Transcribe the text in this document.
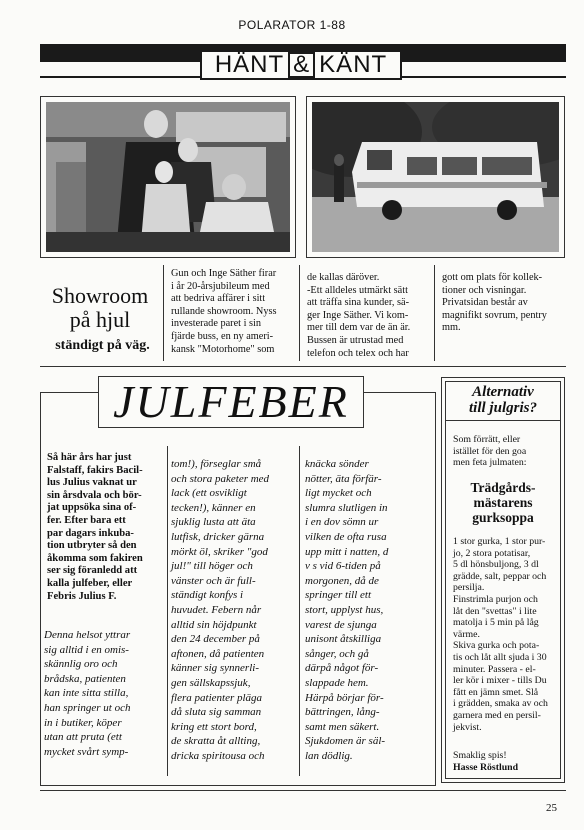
POLARATOR 1-88
HÄNT & KÄNT
Showroom
på hjul
ständigt på väg.
Gun och Inge Säther firar
i år 20-årsjubileum med
att bedriva affärer i sitt
rullande showroom. Nyss
investerade paret i sin
fjärde buss, en ny ameri-
kansk "Motorhome" som
de kallas däröver.
-Ett alldeles utmärkt sätt
att träffa sina kunder, sä-
ger Inge Säther. Vi kom-
mer till dem var de än är.
Bussen är utrustad med
telefon och telex och har
gott om plats för kollek-
tioner och visningar.
Privatsidan består av
magnifikt sovrum, pentry
mm.
JULFEBER
Så här års har just
Falstaff, fakirs Bacil-
lus Julius vaknat ur
sin årsdvala och bör-
jat uppsöka sina of-
fer. Efter bara ett
par dagars inkuba-
tion utbryter så den
åkomma som fakiren
ser sig föranledd att
kalla julfeber, eller
Febris Julius F.
Denna helsot yttrar
sig alltid i en omis-
skännlig oro och
brådska, patienten
kan inte sitta stilla,
han springer ut och
in i butiker, köper
utan att pruta (ett
mycket svårt symp-
tom!), förseglar små
och stora paketer med
lack (ett osvikligt
tecken!), känner en
sjuklig lusta att äta
lutfisk, dricker gärna
mörkt öl, skriker "god
jul!" till höger och
vänster och är full-
ständigt konfys i
huvudet. Febern når
alltid sin höjdpunkt
den 24 december på
aftonen, då patienten
känner sig synnerli-
gen sällskapssjuk,
flera patienter pläga
då sluta sig samman
kring ett stort bord,
de skratta åt allting,
dricka spiritousa och
knäcka sönder
nötter, äta förfär-
ligt mycket och
slumra slutligen in
i en dov sömn ur
vilken de ofta rusa
upp mitt i natten, d
v s vid 6-tiden på
morgonen, då de
springer till ett
stort, upplyst hus,
varest de sjunga
unisont åtskilliga
sånger, och gå
därpå något för-
slappade hem.
Härpå börjar för-
bättringen, lång-
samt men säkert.
Sjukdomen är säl-
lan dödlig.
Alternativ
till julgris?
Som förrätt, eller
istället för den goa
men feta julmaten:
Trädgårds-
mästarens
gurksoppa
1 stor gurka, 1 stor pur-
jo, 2 stora potatisar,
5 dl hönsbuljong, 3 dl
grädde, salt, peppar och
persilja.
Finstrimla purjon och
låt den "svettas" i lite
matolja i 5 min på låg
värme.
Skiva gurka och pota-
tis och låt allt sjuda i 30
minuter. Passera - el-
ler kör i mixer - tills Du
fått en jämn smet. Slå
i grädden, smaka av och
garnera med en persil-
jekvist.
Smaklig spis!
Hasse Röstlund
25
